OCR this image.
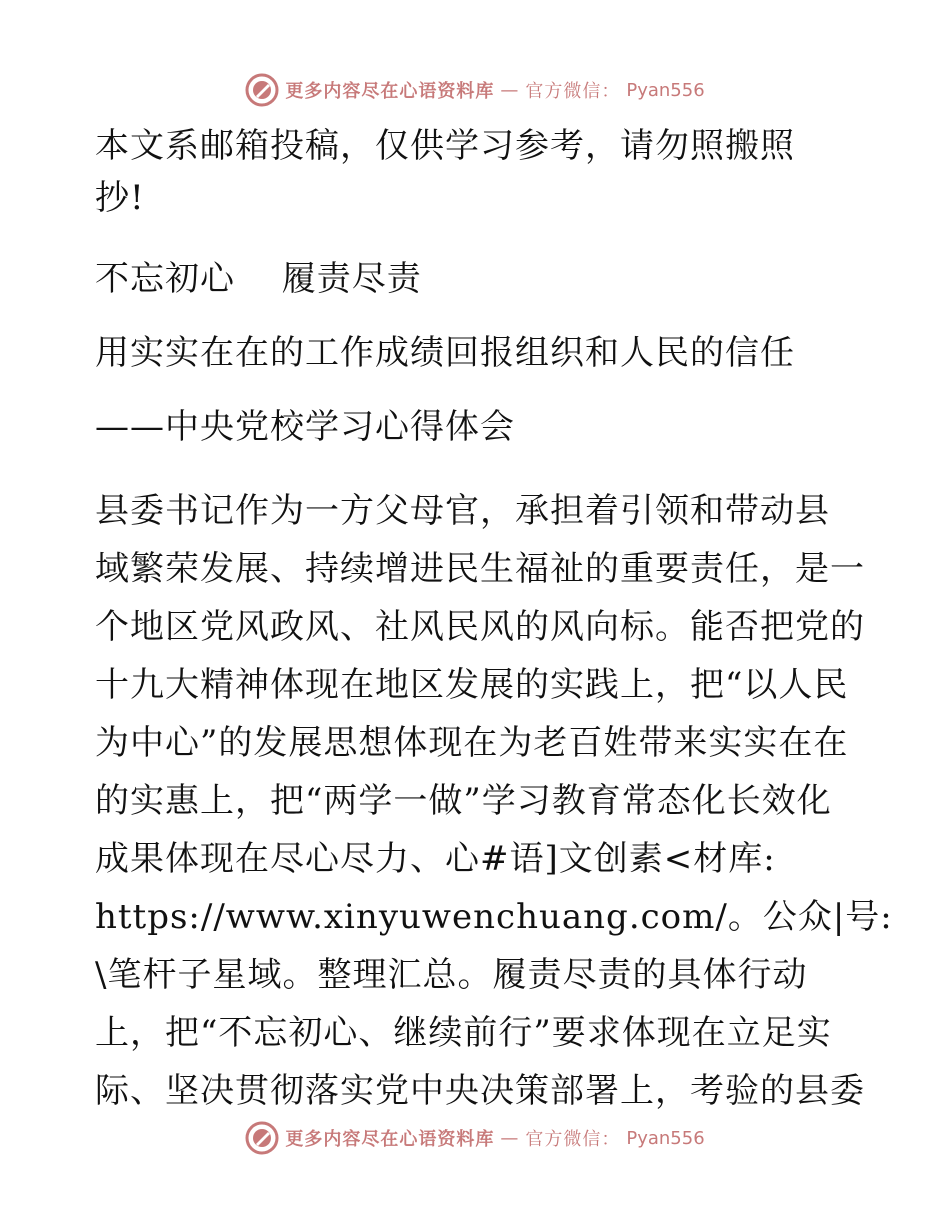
更多内容尽在心语资料库 — 官方微信： Pyan556
本文系邮箱投稿，仅供学习参考，请勿照搬照
抄!
不忘初心　 履责尽责
用实实在在的工作成绩回报组织和人民的信任
——中央党校学习心得体会
县委书记作为一方父母官，承担着引领和带动县
域繁荣发展、持续增进民生福祉的重要责任，是一
个地区党风政风、社风民风的风向标。能否把党的
十九大精神体现在地区发展的实践上，把“以人民
为中心”的发展思想体现在为老百姓带来实实在在
的实惠上，把“两学一做”学习教育常态化长效化
成果体现在尽心尽力、心#语]文创素<材库:
https://www.xinyuwenchuang.com/。公众|号:
\笔杆子星域。整理汇总。履责尽责的具体行动
上，把“不忘初心、继续前行”要求体现在立足实
际、坚决贯彻落实党中央决策部署上，考验的县委
更多内容尽在心语资料库 — 官方微信： Pyan556
